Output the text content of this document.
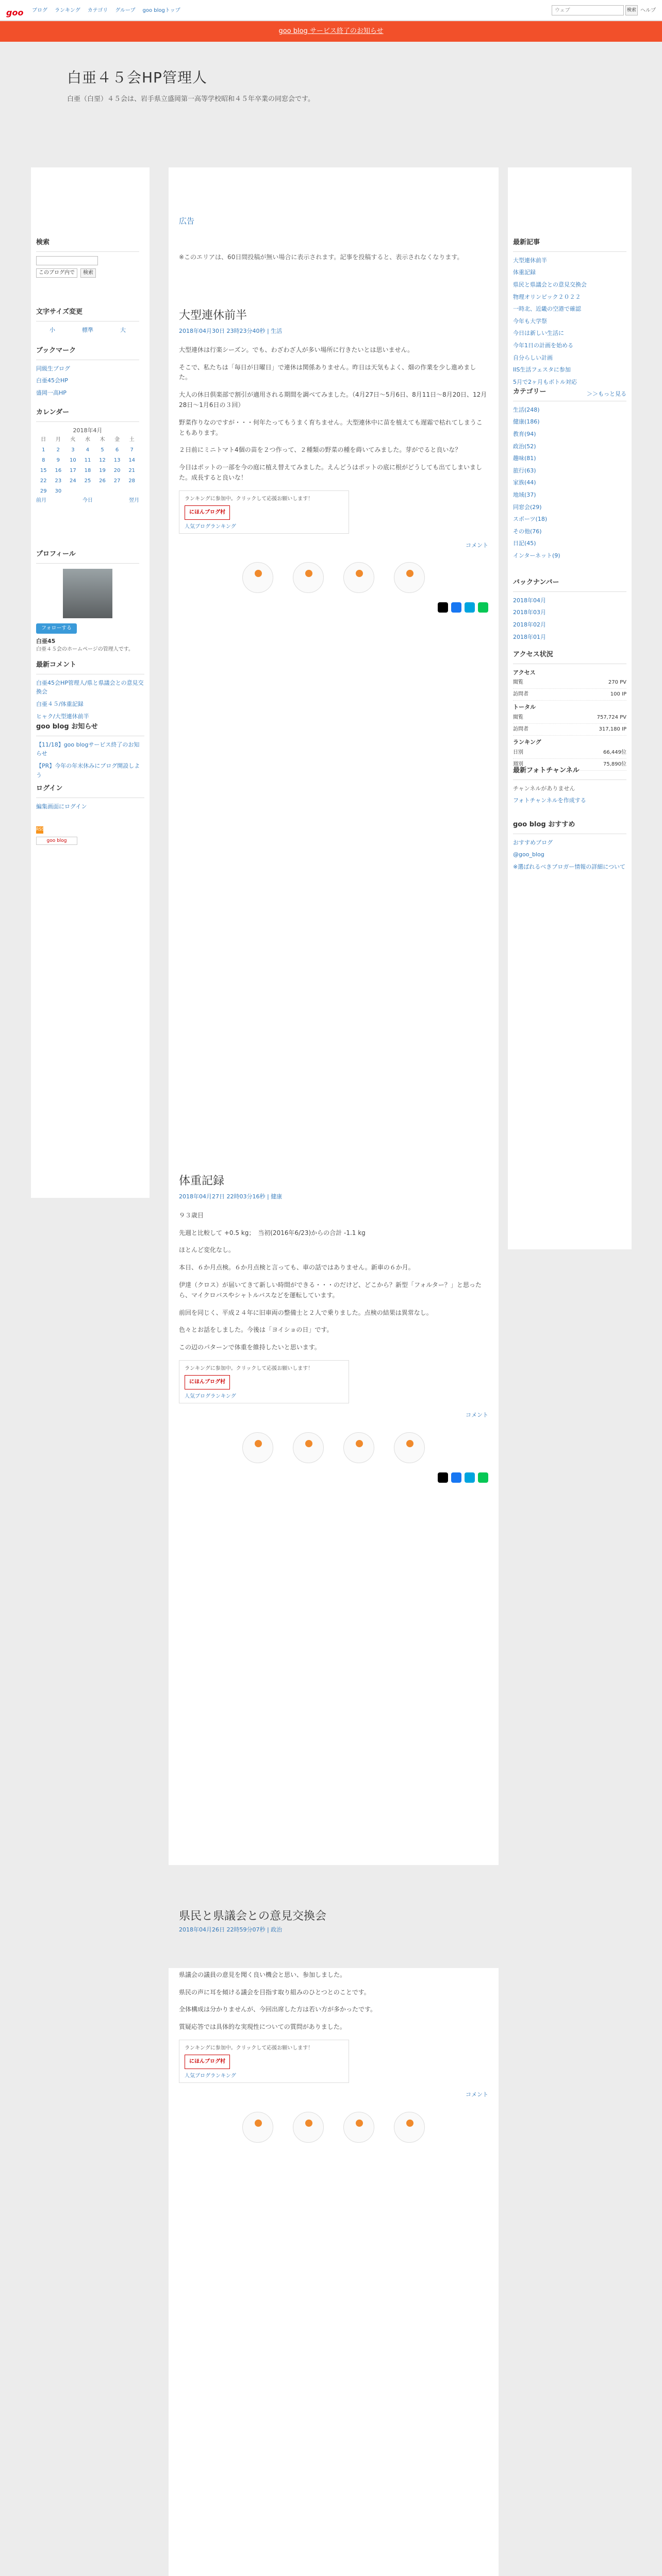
goo ブログ ランキング カテゴリ グループ goo blogトップ	ウェブ	検索 ヘルプ
goo blog サービス終了のお知らせ
白亜４５会HP管理人

白亜（白堊）４５会は、岩手県立盛岡第一高等学校昭和４５年卒業の同窓会です。

検索
このブログ内で	検索
文字サイズ変更
小	標準	大
ブックマーク
同級生ブログ
白亜45会HP
盛岡一高HP
カレンダー
2018年4月
日	月	火	水	木	金	土
1	2	3	4	5	6	7
8	9	10	11	12	13	14
15	16	17	18	19	20	21
22	23	24	25	26	27	28
29	30					
前月	今日	翌月
プロフィール
フォローする
白亜45
白亜４５会のホームページの管理人です。
最新コメント
白亜45会HP管理人/県と県議会との意見交換会
白亜４５/体重記録
ヒャク/大型連休前半
goo blog お知らせ
【11/18】goo blogサービス終了のお知らせ
【PR】今年の年末休みにブログ開設しよう
ログイン
編集画面にログイン
RSS
goo blog
広告
※このエリアは、60日間投稿が無い場合に表示されます。記事を投稿すると、表示されなくなります。
大型連休前半
2018年04月30日 23時23分40秒 | 生活

大型連休は行楽シーズン。でも、わざわざ人が多い場所に行きたいとは思いません。

そこで、私たちは「毎日が日曜日」で連休は関係ありません。昨日は天気もよく、畑の作業を少し進めました。

大人の休日倶楽部で割引が適用される期間を調べてみました。（4月27日〜5月6日、8月11日〜8月20日、12月28日〜1月6日の３回）

野菜作りなのですが・・・何年たってもうまく育ちません。大型連休中に苗を植えても遅霜で枯れてしまうこともあります。

２日前にミニトマト4個の苗を２つ作って、２種類の野菜の種を蒔いてみました。芽がでると良いな？

今日はポットの一部を今の庭に植え替えてみました。えんどうはポットの底に根がどうしても出てしまいました。成長すると良いな！

ランキングに参加中。クリックして応援お願いします！
にほんブログ村
人気ブログランキング
コメント
体重記録
2018年04月27日 22時03分16秒 | 健康

９３歳目

先週と比較して +0.5 kg；　当初(2016年6/23)からの合計 -1.1 kg

ほとんど変化なし。

本日、６か月点検。６か月点検と言っても、車の話ではありません。新車の６か月。

伊達（クロス）が届いてきて新しい時間ができる・・・のだけど、どこから？新型「フォルター？」と思ったら、マイクロバスやシャトルバスなどを運転しています。

前回を同じく、平成２４年に旧車両の整備士と２人で乗りました。点検の結果は異常なし。

色々とお話をしました。今後は「ヨイショの日」です。

この辺のパターンで体重を維持したいと思います。

ランキングに参加中。クリックして応援お願いします！
にほんブログ村
人気ブログランキング
コメント

県議会の議員の意見を聞く良い機会と思い、参加しました。

県民の声に耳を傾ける議会を目指す取り組みのひとつとのことです。

全体構成は分かりませんが、今回出席した方は若い方が多かったです。

質疑応答では具体的な実現性についての質問がありました。

ランキングに参加中。クリックして応援お願いします！
にほんブログ村
人気ブログランキング
コメント

県民と県議会との意見交換会
2018年04月26日 22時59分07秒 | 政治
最新記事
大型連休前半
体重記録
県民と県議会との意見交換会
物理オリンピック２０２２
一時北、近畿の空港で確認
今年も大学祭
今日は新しい生活に
今年1日の計画を始める
自分らしい計画
IIS生活フェスタに参加
5月で2ヶ月もボトル対応
＞＞もっと見る
カテゴリー
生活(248)
健康(186)
教育(94)
政治(52)
趣味(81)
旅行(63)
家族(44)
地域(37)
同窓会(29)
スポーツ(18)
その他(76)
日記(45)
インターネット(9)
バックナンバー
2018年04月
2018年03月
2018年02月
2018年01月
アクセス状況
アクセス
閲覧	270 PV
訪問者	100 IP
トータル
閲覧	757,724 PV
訪問者	317,180 IP
ランキング
日別	66,449位
週別	75,890位
最新フォトチャンネル
チャンネルがありません
フォトチャンネルを作成する
goo blog おすすめ
おすすめブログ
@goo_blog
※選ばれるべきブロガー情報の詳細について
